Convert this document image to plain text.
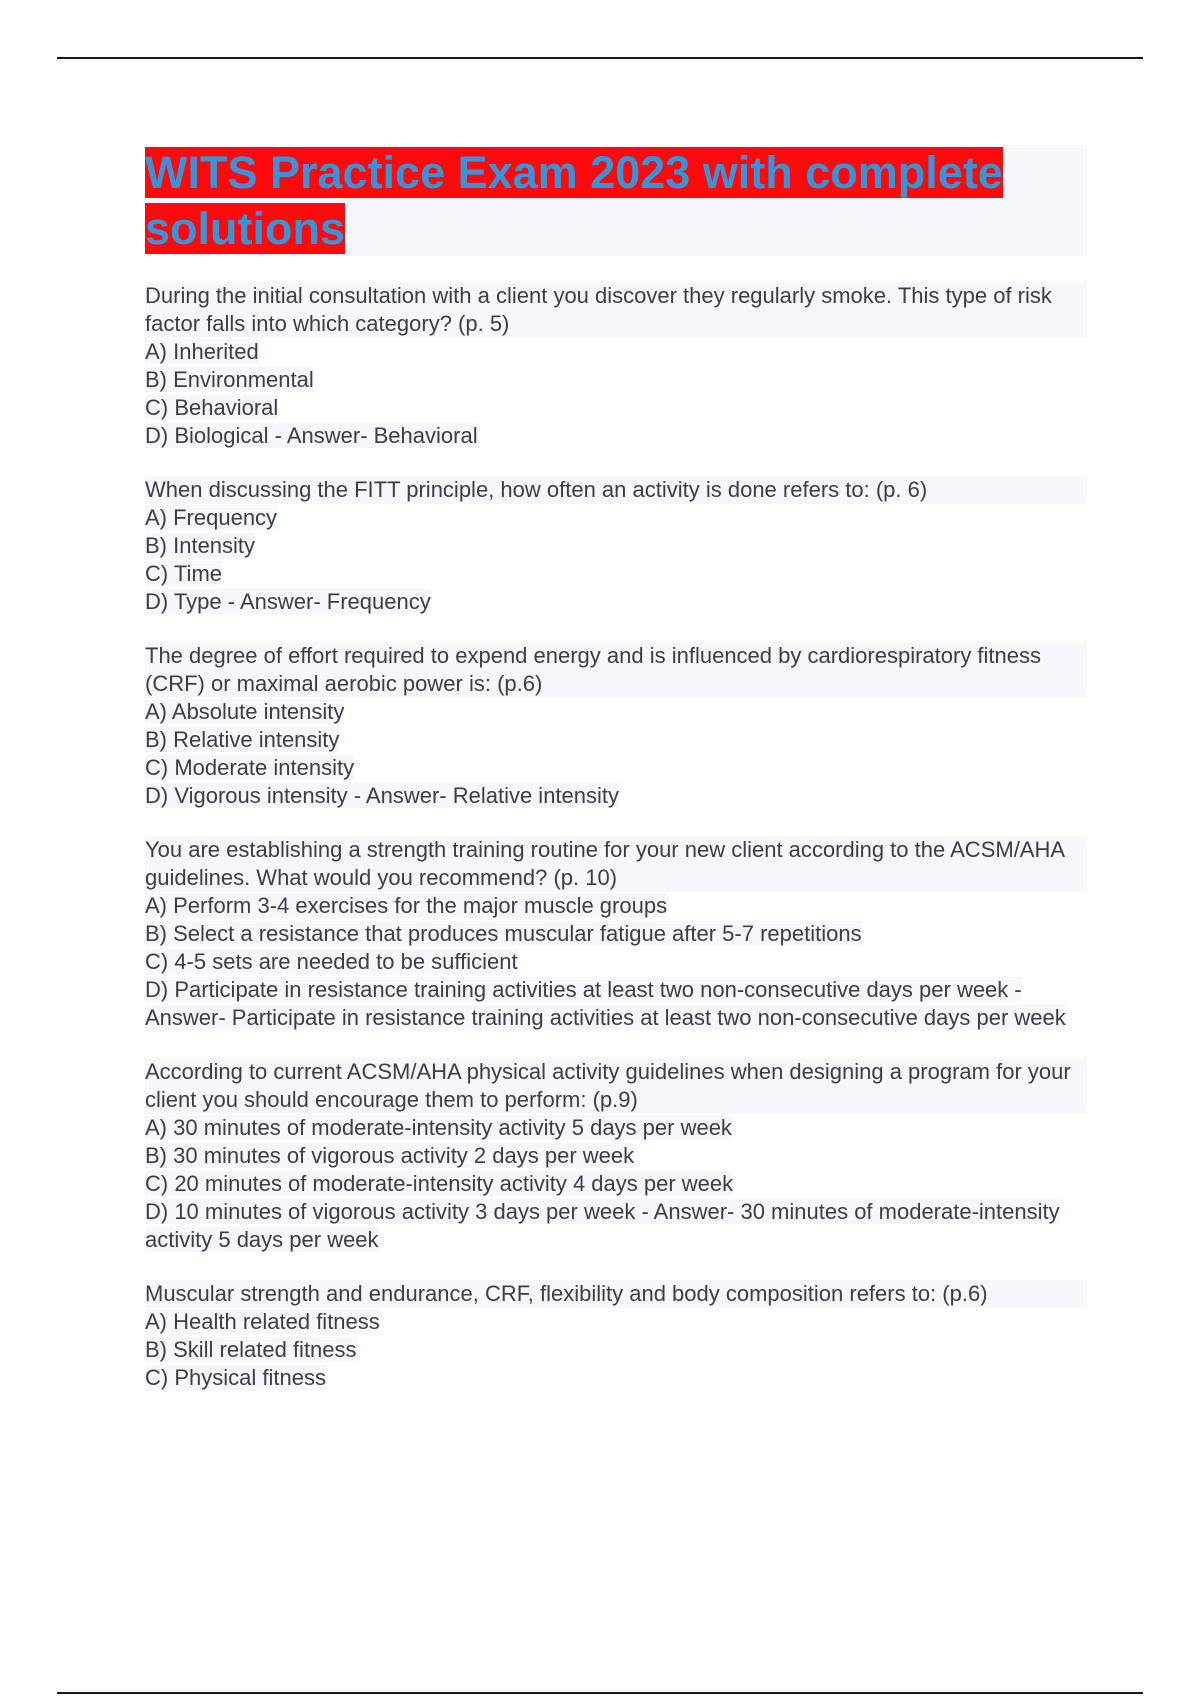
WITS Practice Exam 2023 with complete solutions
During the initial consultation with a client you discover they regularly smoke. This type of risk factor falls into which category? (p. 5)
A) Inherited
B) Environmental
C) Behavioral
D) Biological - Answer- Behavioral
When discussing the FITT principle, how often an activity is done refers to: (p. 6)
A) Frequency
B) Intensity
C) Time
D) Type - Answer- Frequency
The degree of effort required to expend energy and is influenced by cardiorespiratory fitness (CRF) or maximal aerobic power is: (p.6)
A) Absolute intensity
B) Relative intensity
C) Moderate intensity
D) Vigorous intensity - Answer- Relative intensity
You are establishing a strength training routine for your new client according to the ACSM/AHA guidelines. What would you recommend? (p. 10)
A) Perform 3-4 exercises for the major muscle groups
B) Select a resistance that produces muscular fatigue after 5-7 repetitions
C) 4-5 sets are needed to be sufficient
D) Participate in resistance training activities at least two non-consecutive days per week - Answer- Participate in resistance training activities at least two non-consecutive days per week
According to current ACSM/AHA physical activity guidelines when designing a program for your client you should encourage them to perform: (p.9)
A) 30 minutes of moderate-intensity activity 5 days per week
B) 30 minutes of vigorous activity 2 days per week
C) 20 minutes of moderate-intensity activity 4 days per week
D) 10 minutes of vigorous activity 3 days per week - Answer- 30 minutes of moderate-intensity activity 5 days per week
Muscular strength and endurance, CRF, flexibility and body composition refers to: (p.6)
A) Health related fitness
B) Skill related fitness
C) Physical fitness
